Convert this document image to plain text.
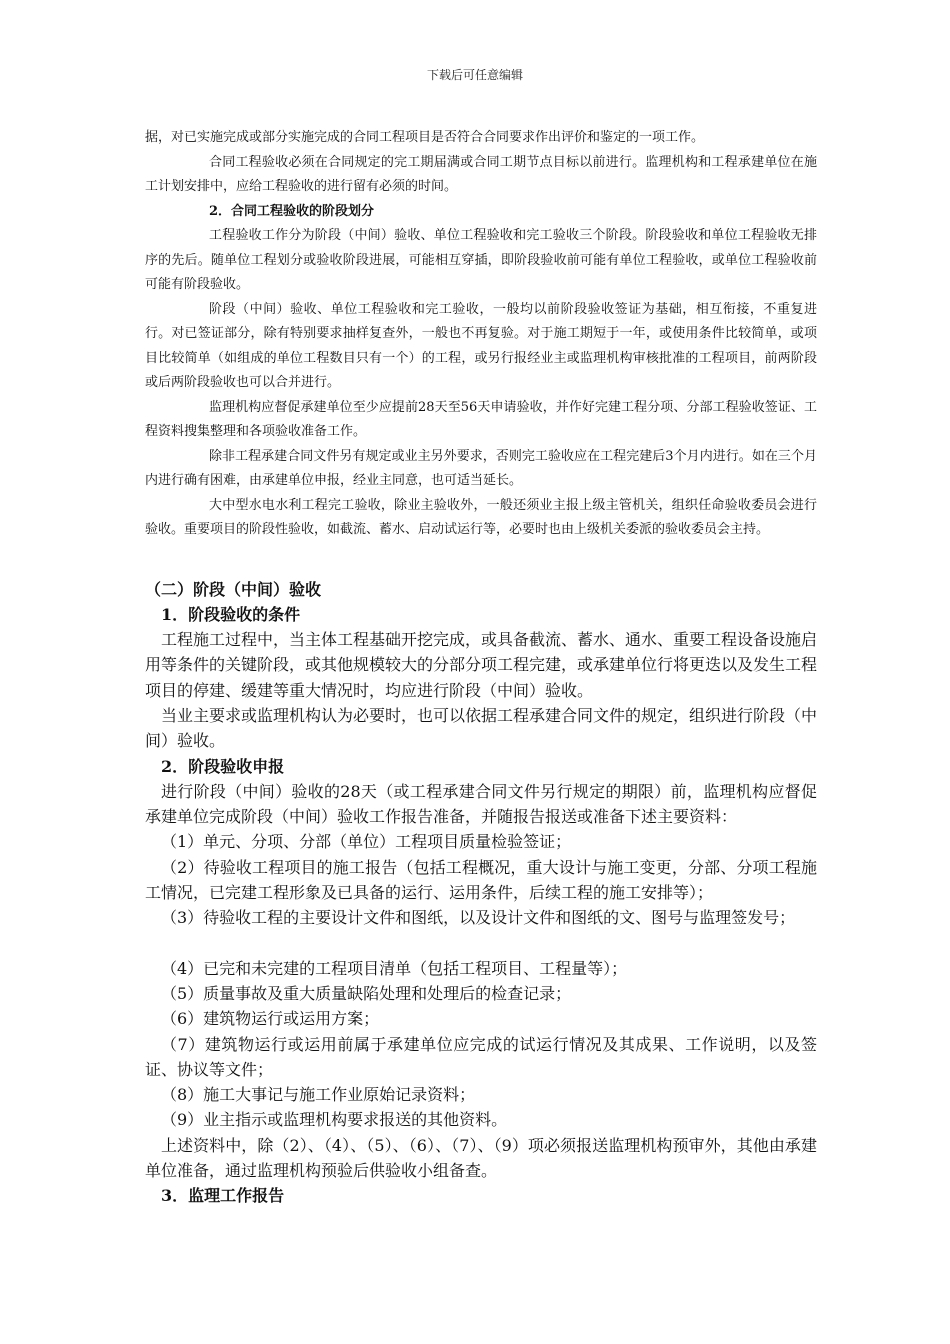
下载后可任意编辑

据，对已实施完成或部分实施完成的合同工程项目是否符合合同要求作出评价和鉴定的一项工作。

合同工程验收必须在合同规定的完工期届满或合同工期节点目标以前进行。监理机构和工程承建单位在施工计划安排中，应给工程验收的进行留有必须的时间。

2．合同工程验收的阶段划分

工程验收工作分为阶段（中间）验收、单位工程验收和完工验收三个阶段。阶段验收和单位工程验收无排序的先后。随单位工程划分或验收阶段进展，可能相互穿插，即阶段验收前可能有单位工程验收，或单位工程验收前可能有阶段验收。

阶段（中间）验收、单位工程验收和完工验收，一般均以前阶段验收签证为基础，相互衔接，不重复进行。对已签证部分，除有特别要求抽样复查外，一般也不再复验。对于施工期短于一年，或使用条件比较简单，或项目比较简单（如组成的单位工程数目只有一个）的工程，或另行报经业主或监理机构审核批准的工程项目，前两阶段或后两阶段验收也可以合并进行。

监理机构应督促承建单位至少应提前28天至56天申请验收，并作好完建工程分项、分部工程验收签证、工程资料搜集整理和各项验收准备工作。

除非工程承建合同文件另有规定或业主另外要求，否则完工验收应在工程完建后3个月内进行。如在三个月内进行确有困难，由承建单位申报，经业主同意，也可适当延长。

大中型水电水利工程完工验收，除业主验收外，一般还须业主报上级主管机关，组织任命验收委员会进行验收。重要项目的阶段性验收，如截流、蓄水、启动试运行等，必要时也由上级机关委派的验收委员会主持。

（二）阶段（中间）验收

1．阶段验收的条件

工程施工过程中，当主体工程基础开挖完成，或具备截流、蓄水、通水、重要工程设备设施启用等条件的关键阶段，或其他规模较大的分部分项工程完建，或承建单位行将更迭以及发生工程项目的停建、缓建等重大情况时，均应进行阶段（中间）验收。

当业主要求或监理机构认为必要时，也可以依据工程承建合同文件的规定，组织进行阶段（中间）验收。

2．阶段验收申报

进行阶段（中间）验收的28天（或工程承建合同文件另行规定的期限）前，监理机构应督促承建单位完成阶段（中间）验收工作报告准备，并随报告报送或准备下述主要资料：

（1）单元、分项、分部（单位）工程项目质量检验签证；

（2）待验收工程项目的施工报告（包括工程概况，重大设计与施工变更，分部、分项工程施工情况，已完建工程形象及已具备的运行、运用条件，后续工程的施工安排等）；

（3）待验收工程的主要设计文件和图纸，以及设计文件和图纸的文、图号与监理签发号；

（4）已完和未完建的工程项目清单（包括工程项目、工程量等）；

（5）质量事故及重大质量缺陷处理和处理后的检查记录；

（6）建筑物运行或运用方案；

（7）建筑物运行或运用前属于承建单位应完成的试运行情况及其成果、工作说明，以及签证、协议等文件；

（8）施工大事记与施工作业原始记录资料；

（9）业主指示或监理机构要求报送的其他资料。

上述资料中，除（2）、（4）、（5）、（6）、（7）、（9）项必须报送监理机构预审外，其他由承建单位准备，通过监理机构预验后供验收小组备查。

3．监理工作报告
